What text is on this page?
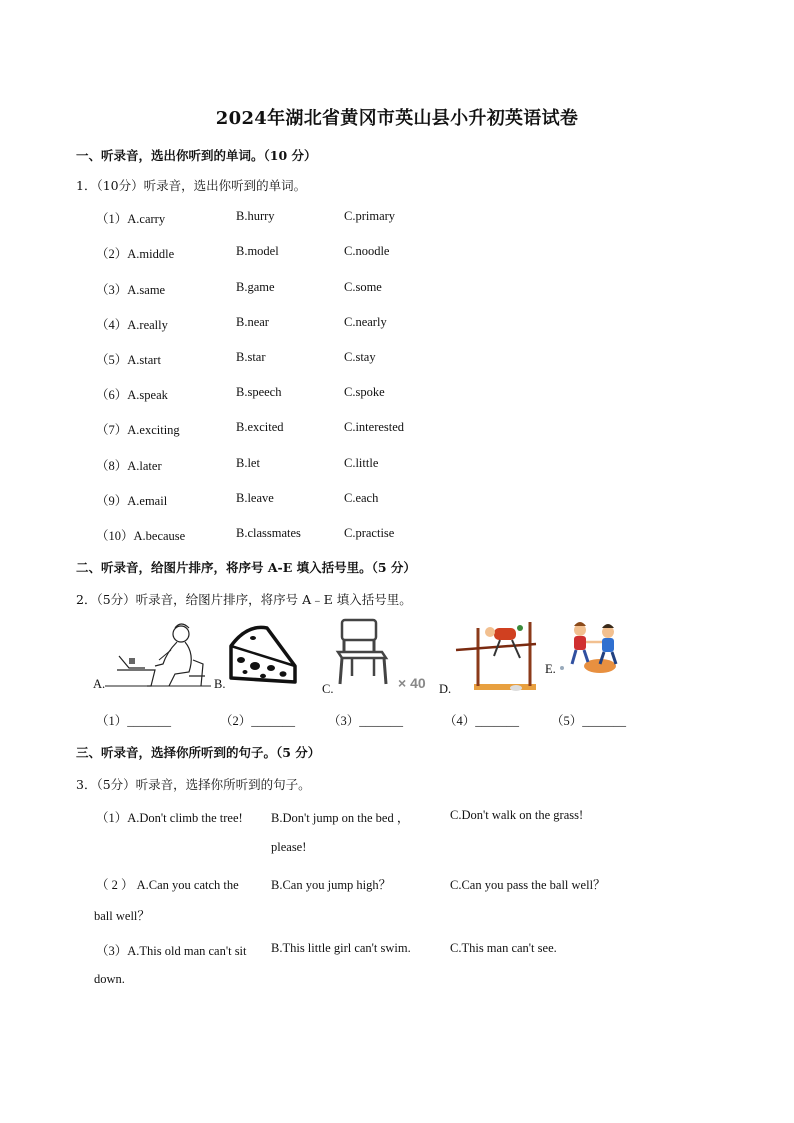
2024年湖北省黄冈市英山县小升初英语试卷
一、听录音，选出你听到的单词。（10 分）
1．（10分）听录音，选出你听到的单词。
（1）A.carry	B.hurry	C.primary
（2）A.middle	B.model	C.noodle
（3）A.same	B.game	C.some
（4）A.really	B.near	C.nearly
（5）A.start	B.star	C.stay
（6）A.speak	B.speech	C.spoke
（7）A.exciting	B.excited	C.interested
（8）A.later	B.let	C.little
（9）A.email	B.leave	C.each
（10）A.because	B.classmates	C.practise
二、听录音，给图片排序，将序号 A-E 填入括号里。（5 分）
2．（5分）听录音，给图片排序，将序号 A﹣E 填入括号里。
A.	B.	C.	× 40 D.
E.
（1）_______	（2）_______	（3）_______	（4）_______	（5）_______
三、听录音，选择你所听到的句子。（5 分）
3．（5分）听录音，选择你所听到的句子。
（1）A.Don't climb the tree! B.Don't jump on the bed ，
please!
C.Don't walk on the grass!
（ 2 ） A.Can you catch the
ball well？
B.Can you jump high？	C.Can you pass the ball well？
（3）A.This old man can't sit
down.
B.This little girl can't swim.	C.This man can't see.
